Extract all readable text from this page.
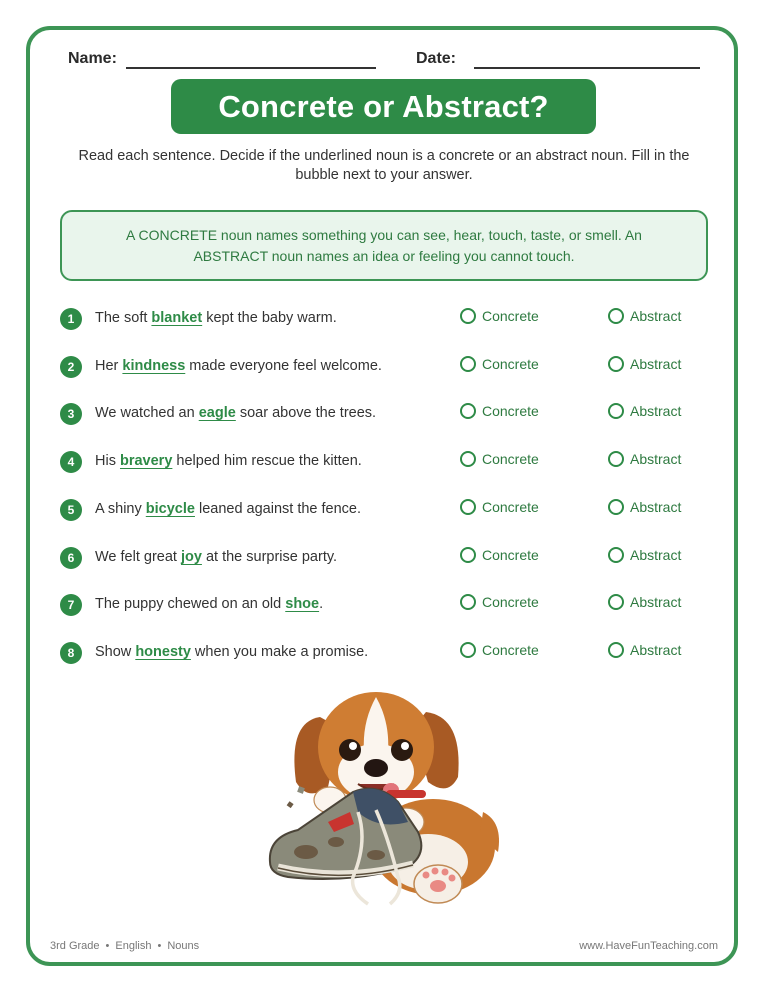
Name:	Date:
Concrete or Abstract?
Read each sentence. Decide if the underlined noun is a concrete or an abstract noun. Fill in the bubble next to your answer.
A CONCRETE noun names something you can see, hear, touch, taste, or smell. An ABSTRACT noun names an idea or feeling you cannot touch.
1	The soft blanket kept the baby warm.	Concrete	Abstract
2	Her kindness made everyone feel welcome.	Concrete	Abstract
3	We watched an eagle soar above the trees.	Concrete	Abstract
4	His bravery helped him rescue the kitten.	Concrete	Abstract
5	A shiny bicycle leaned against the fence.	Concrete	Abstract
6	We felt great joy at the surprise party.	Concrete	Abstract
7	The puppy chewed on an old shoe.	Concrete	Abstract
8	Show honesty when you make a promise.	Concrete	Abstract
3rd Grade • English • Nouns	www.HaveFunTeaching.com
